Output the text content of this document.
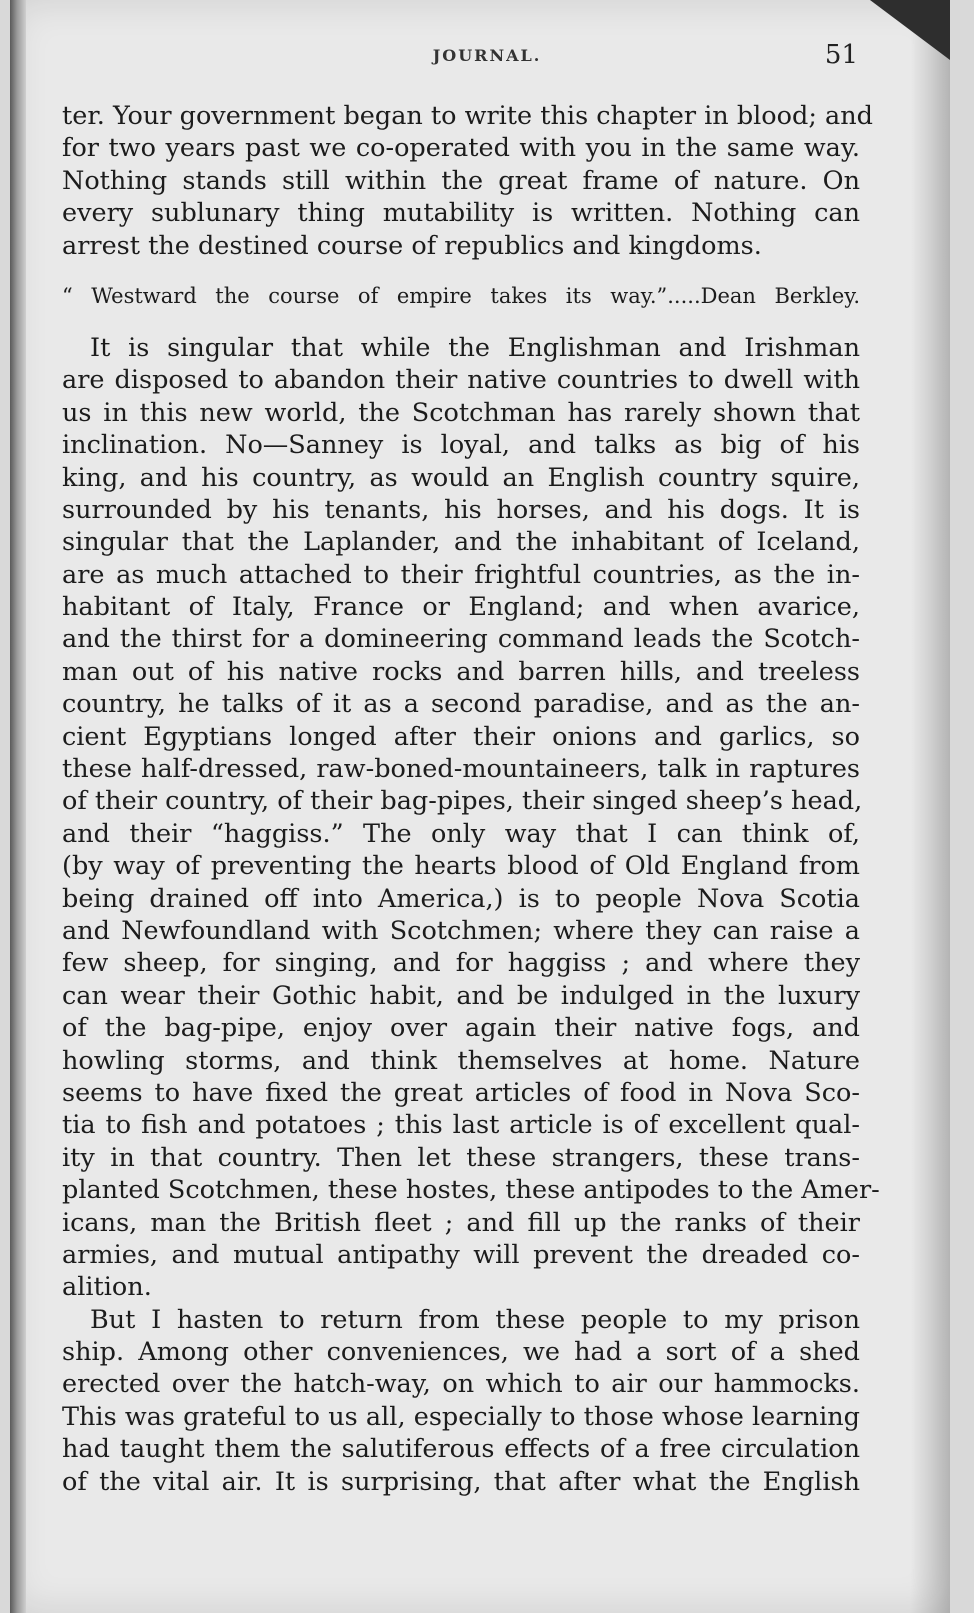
JOURNAL.	51
ter. Your government began to write this chapter in blood; and
for two years past we co-operated with you in the same way.
Nothing stands still within the great frame of nature. On
every sublunary thing mutability is written. Nothing can
arrest the destined course of republics and kingdoms.
“ Westward the course of empire takes its way.”.....Dean Berkley.
It is singular that while the Englishman and Irishman
are disposed to abandon their native countries to dwell with
us in this new world, the Scotchman has rarely shown that
inclination. No—Sanney is loyal, and talks as big of his
king, and his country, as would an English country squire,
surrounded by his tenants, his horses, and his dogs. It is
singular that the Laplander, and the inhabitant of Iceland,
are as much attached to their frightful countries, as the in-
habitant of Italy, France or England; and when avarice,
and the thirst for a domineering command leads the Scotch-
man out of his native rocks and barren hills, and treeless
country, he talks of it as a second paradise, and as the an-
cient Egyptians longed after their onions and garlics, so
these half-dressed, raw-boned-mountaineers, talk in raptures
of their country, of their bag-pipes, their singed sheep’s head,
and their “haggiss.” The only way that I can think of,
(by way of preventing the hearts blood of Old England from
being drained off into America,) is to people Nova Scotia
and Newfoundland with Scotchmen; where they can raise a
few sheep, for singing, and for haggiss ; and where they
can wear their Gothic habit, and be indulged in the luxury
of the bag-pipe, enjoy over again their native fogs, and
howling storms, and think themselves at home. Nature
seems to have fixed the great articles of food in Nova Sco-
tia to fish and potatoes ; this last article is of excellent qual-
ity in that country. Then let these strangers, these trans-
planted Scotchmen, these hostes, these antipodes to the Amer-
icans, man the British fleet ; and fill up the ranks of their
armies, and mutual antipathy will prevent the dreaded co-
alition.
But I hasten to return from these people to my prison
ship. Among other conveniences, we had a sort of a shed
erected over the hatch-way, on which to air our hammocks.
This was grateful to us all, especially to those whose learning
had taught them the salutiferous effects of a free circulation
of the vital air. It is surprising, that after what the English
